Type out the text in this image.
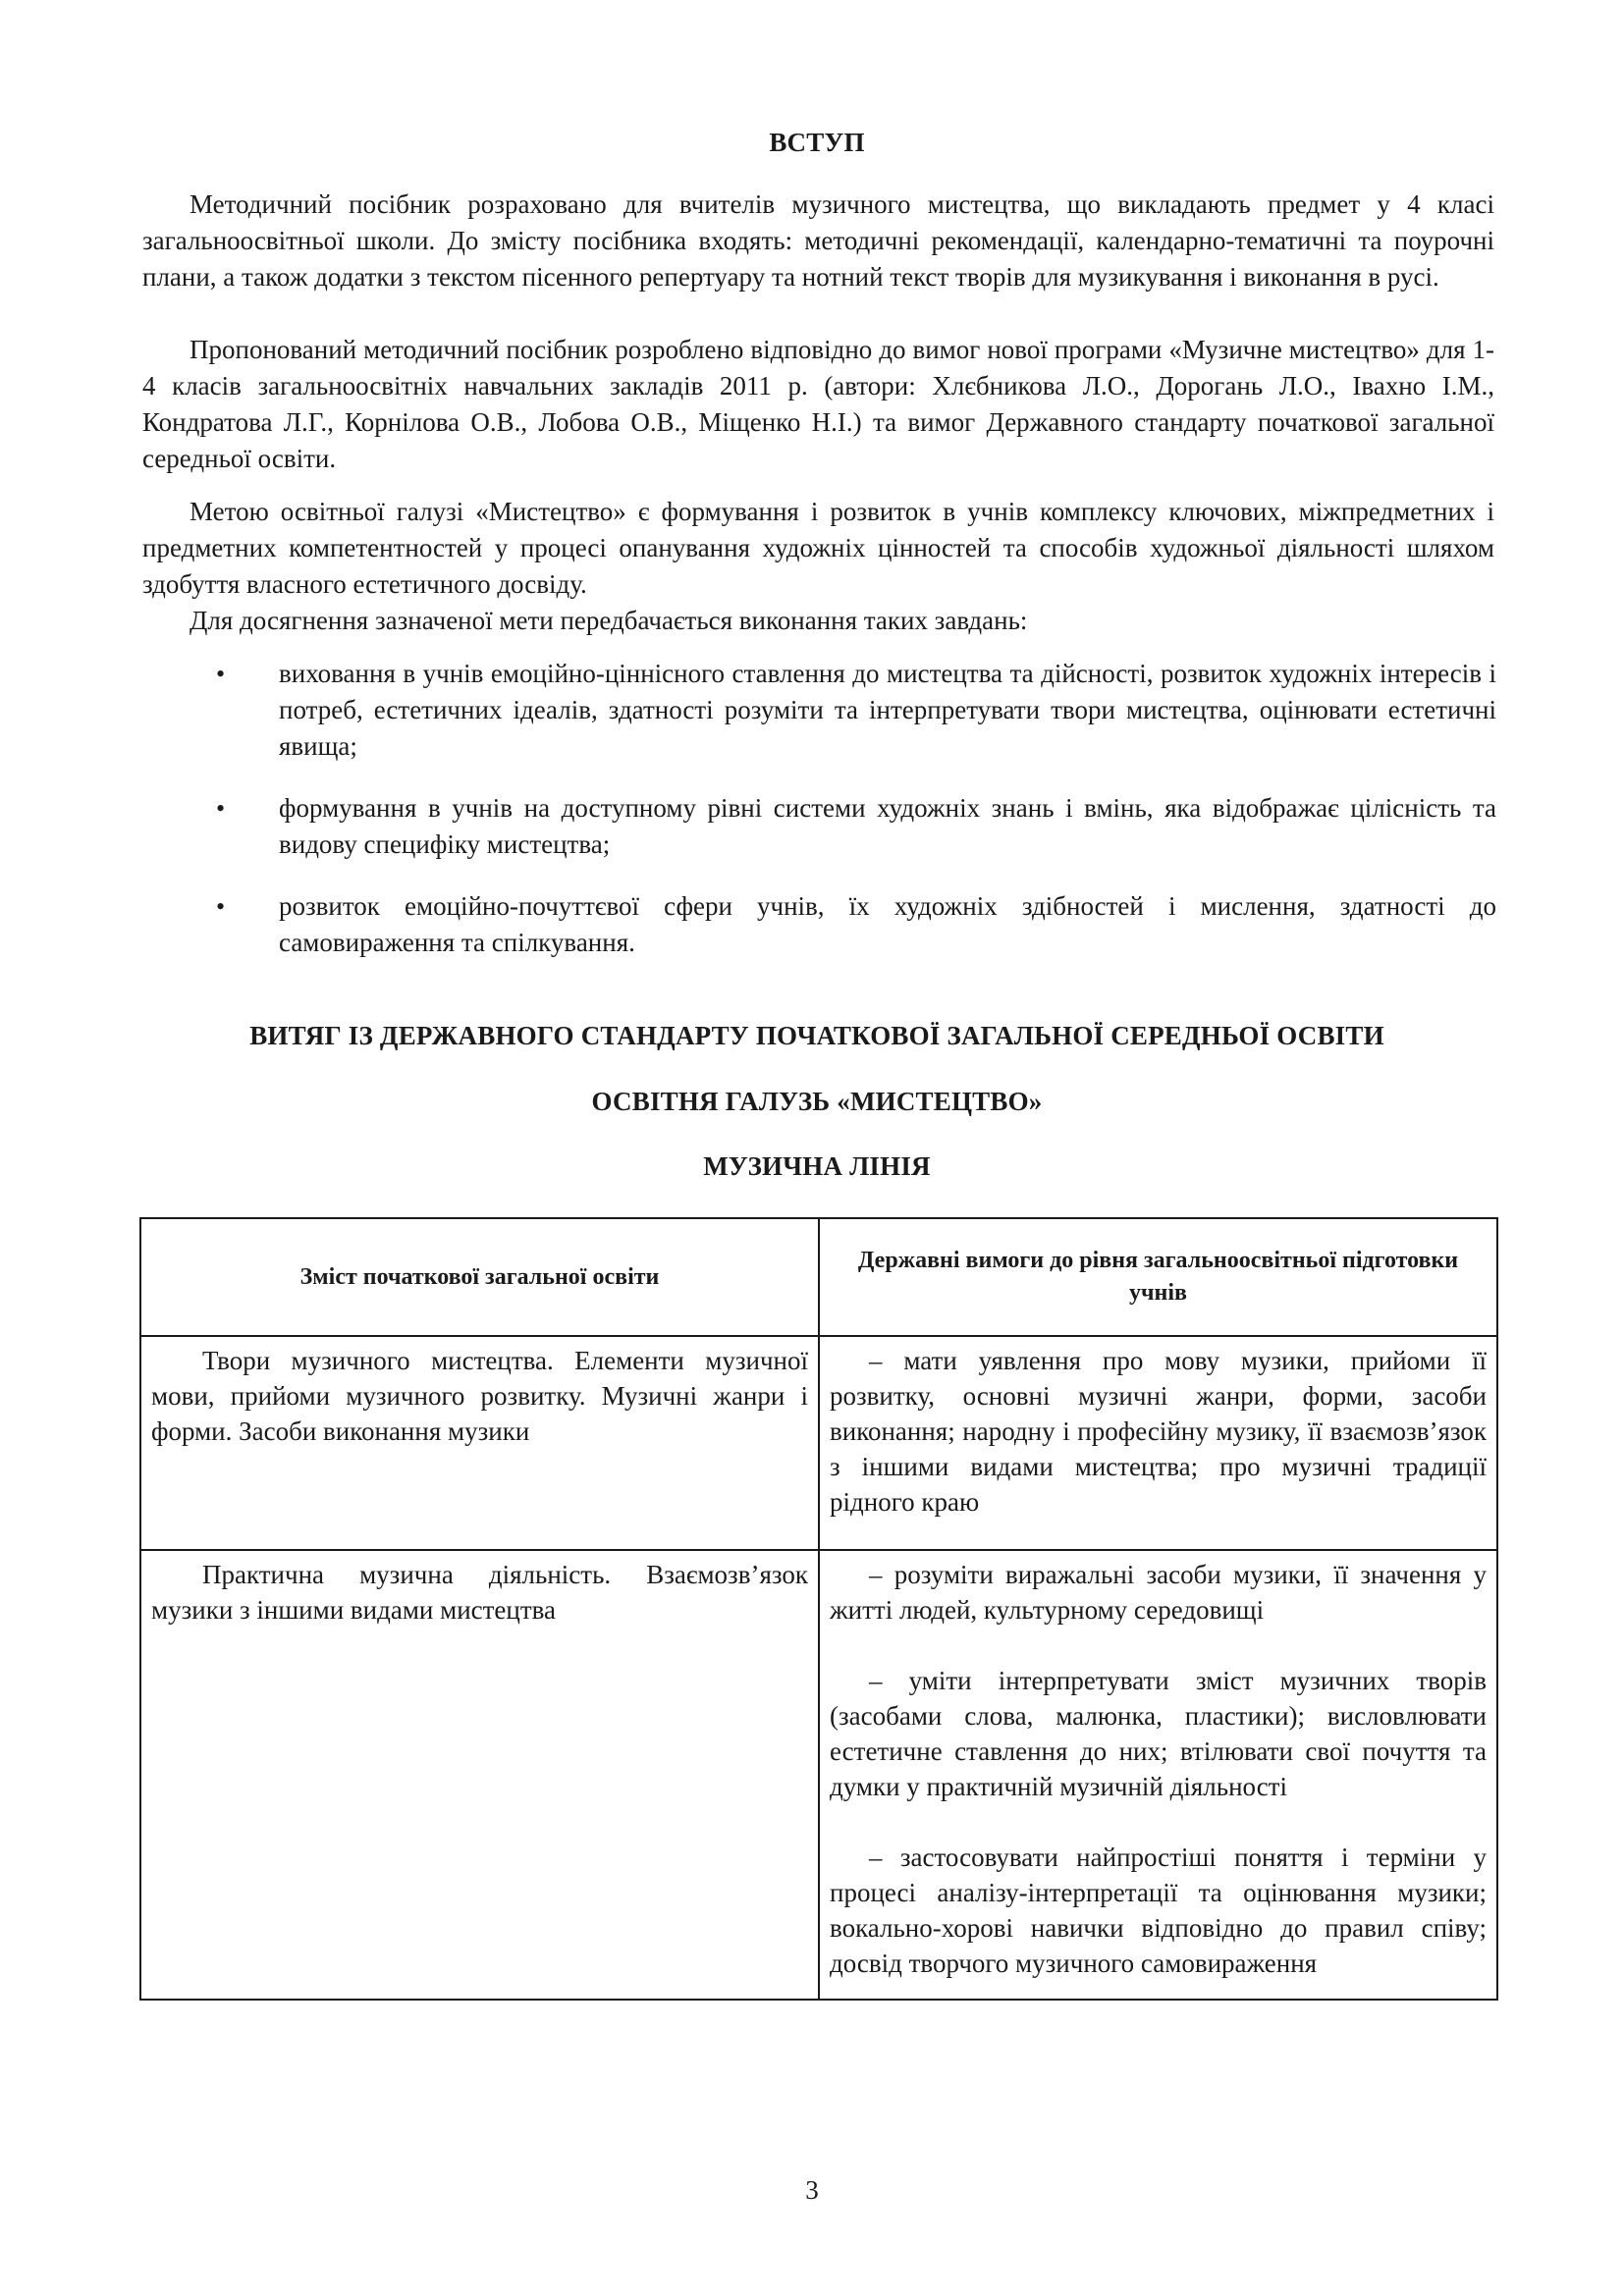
ВСТУП

Методичний посібник розраховано для вчителів музичного мистецтва, що викладають предмет у 4 класі загальноосвітньої школи. До змісту посібника входять: методичні рекомендації, календарно-тематичні та поурочні плани, а також додатки з текстом пісенного репертуару та нотний текст творів для музикування і виконання в русі.

Пропонований методичний посібник розроблено відповідно до вимог нової програми «Музичне мистецтво» для 1-4 класів загальноосвітніх навчальних закладів 2011 р. (автори: Хлєбникова Л.О., Дорогань Л.О., Івахно І.М., Кондратова Л.Г., Корнілова О.В., Лобова О.В., Міщенко Н.І.) та вимог Державного стандарту початкової загальної середньої освіти.

Метою освітньої галузі «Мистецтво» є формування і розвиток в учнів комплексу ключових, міжпредметних і предметних компетентностей у процесі опанування художніх цінностей та способів художньої діяльності шляхом здобуття власного естетичного досвіду.

Для досягнення зазначеної мети передбачається виконання таких завдань:

•	виховання в учнів емоційно-ціннісного ставлення до мистецтва та дійсності, розвиток художніх інтересів і потреб, естетичних ідеалів, здатності розуміти та інтерпретувати твори мистецтва, оцінювати естетичні явища;

•	формування в учнів на доступному рівні системи художніх знань і вмінь, яка відображає цілісність та видову специфіку мистецтва;

•	розвиток емоційно-почуттєвої сфери учнів, їх художніх здібностей і мислення, здатності до самовираження та спілкування.

ВИТЯГ ІЗ ДЕРЖАВНОГО СТАНДАРТУ ПОЧАТКОВОЇ ЗАГАЛЬНОЇ СЕРЕДНЬОЇ ОСВІТИ
ОСВІТНЯ ГАЛУЗЬ «МИСТЕЦТВО»
МУЗИЧНА ЛІНІЯ
Зміст початкової загальної освіти	Державні вимоги до рівня загальноосвітньої підготовки учнів

Твори музичного мистецтва. Елементи музичної мови, прийоми музичного розвитку. Музичні жанри і форми. Засоби виконання музики	– мати уявлення про мову музики, прийоми її розвитку, основні музичні жанри, форми, засоби виконання; народну і професійну музику, її взаємозв’язок з іншими видами мистецтва; про музичні традиції рідного краю

Практична музична діяльність. Взаємозв’язок музики з іншими видами мистецтва	– розуміти виражальні засоби музики, її значення у житті людей, культурному середовищі

– уміти інтерпретувати зміст музичних творів (засобами слова, малюнка, пластики); висловлювати естетичне ставлення до них; втілювати свої почуття та думки у практичній музичній діяльності

– застосовувати найпростіші поняття і терміни у процесі аналізу-інтерпретації та оцінювання музики; вокально-хорові навички відповідно до правил співу; досвід творчого музичного самовираження

3
